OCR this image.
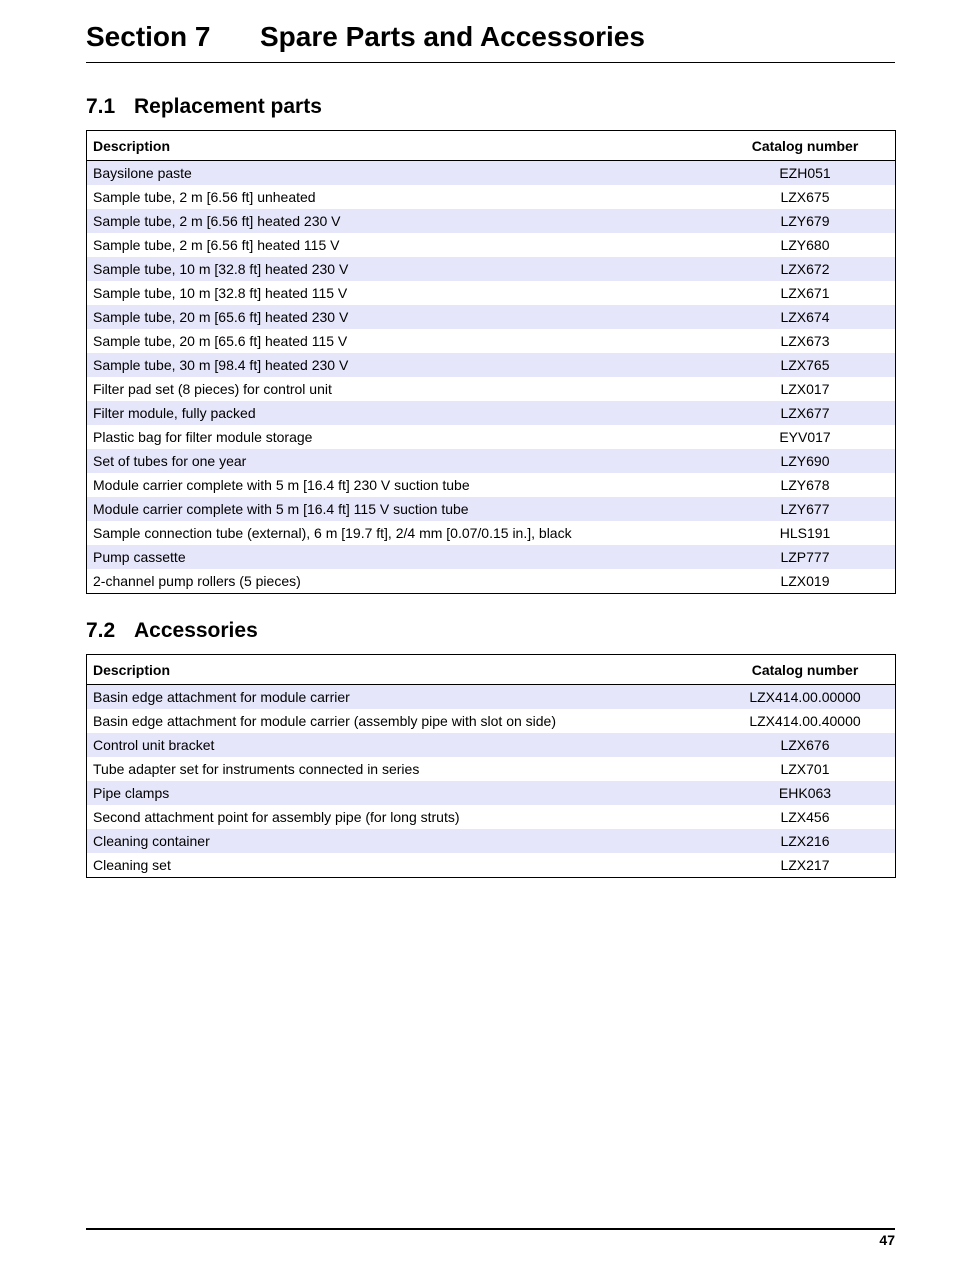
Section 7 Spare Parts and Accessories
7.1 Replacement parts
Description	Catalog number
Baysilone paste	EZH051
Sample tube, 2 m [6.56 ft] unheated	LZX675
Sample tube, 2 m [6.56 ft] heated 230 V	LZY679
Sample tube, 2 m [6.56 ft] heated 115 V	LZY680
Sample tube, 10 m [32.8 ft] heated 230 V	LZX672
Sample tube, 10 m [32.8 ft] heated 115 V	LZX671
Sample tube, 20 m [65.6 ft] heated 230 V	LZX674
Sample tube, 20 m [65.6 ft] heated 115 V	LZX673
Sample tube, 30 m [98.4 ft] heated 230 V	LZX765
Filter pad set (8 pieces) for control unit	LZX017
Filter module, fully packed	LZX677
Plastic bag for filter module storage	EYV017
Set of tubes for one year	LZY690
Module carrier complete with 5 m [16.4 ft] 230 V suction tube	LZY678
Module carrier complete with 5 m [16.4 ft] 115 V suction tube	LZY677
Sample connection tube (external), 6 m [19.7 ft], 2/4 mm [0.07/0.15 in.], black	HLS191
Pump cassette	LZP777
2-channel pump rollers (5 pieces)	LZX019
7.2 Accessories
Description	Catalog number
Basin edge attachment for module carrier	LZX414.00.00000
Basin edge attachment for module carrier (assembly pipe with slot on side)	LZX414.00.40000
Control unit bracket	LZX676
Tube adapter set for instruments connected in series	LZX701
Pipe clamps	EHK063
Second attachment point for assembly pipe (for long struts)	LZX456
Cleaning container	LZX216
Cleaning set	LZX217
47
